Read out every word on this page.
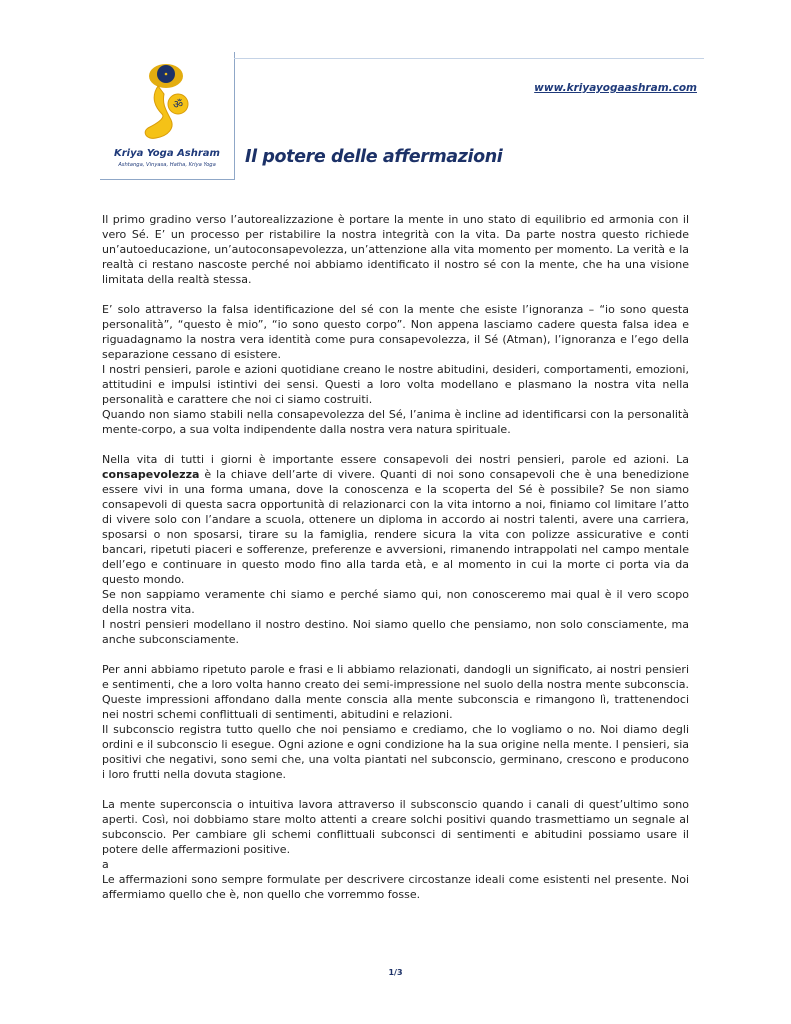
ॐ
Kriya Yoga Ashram
Ashtanga, Vinyasa, Hatha, Kriya Yoga
www.kriyayogaashram.com
Il potere delle affermazioni

Il primo gradino verso l’autorealizzazione è portare la mente in uno stato di equilibrio ed armonia con il vero Sé. E’ un processo per ristabilire la nostra integrità con la vita. Da parte nostra questo richiede un’autoeducazione, un’autoconsapevolezza, un’attenzione alla vita momento per momento. La verità e la realtà ci restano nascoste perché noi abbiamo identificato il nostro sé con la mente, che ha una visione limitata della realtà stessa.

E’ solo attraverso la falsa identificazione del sé con la mente che esiste l’ignoranza – “io sono questa personalità”, “questo è mio”, “io sono questo corpo”. Non appena lasciamo cadere questa falsa idea e riguadagnamo la nostra vera identità come pura consapevolezza, il Sé (Atman), l’ignoranza e l’ego della separazione cessano di esistere.

I nostri pensieri, parole e azioni quotidiane creano le nostre abitudini, desideri, comportamenti, emozioni, attitudini e impulsi istintivi dei sensi. Questi a loro volta modellano e plasmano la nostra vita nella personalità e carattere che noi ci siamo costruiti.

Quando non siamo stabili nella consapevolezza del Sé, l’anima è incline ad identificarsi con la personalità mente-corpo, a sua volta indipendente dalla nostra vera natura spirituale.

Nella vita di tutti i giorni è importante essere consapevoli dei nostri pensieri, parole ed azioni. La consapevolezza è la chiave dell’arte di vivere. Quanti di noi sono consapevoli che è una benedizione essere vivi in una forma umana, dove la conoscenza e la scoperta del Sé è possibile? Se non siamo consapevoli di questa sacra opportunità di relazionarci con la vita intorno a noi, finiamo col limitare l’atto di vivere solo con l’andare a scuola, ottenere un diploma in accordo ai nostri talenti, avere una carriera, sposarsi o non sposarsi, tirare su la famiglia, rendere sicura la vita con polizze assicurative e conti bancari, ripetuti piaceri e sofferenze, preferenze e avversioni, rimanendo intrappolati nel campo mentale dell’ego e continuare in questo modo fino alla tarda età, e al momento in cui la morte ci porta via da questo mondo.

Se non sappiamo veramente chi siamo e perché siamo qui, non conosceremo mai qual è il vero scopo della nostra vita.

I nostri pensieri modellano il nostro destino. Noi siamo quello che pensiamo, non solo consciamente, ma anche subconsciamente.

Per anni abbiamo ripetuto parole e frasi e li abbiamo relazionati, dandogli un significato, ai nostri pensieri e sentimenti, che a loro volta hanno creato dei semi-impressione nel suolo della nostra mente subconscia. Queste impressioni affondano dalla mente conscia alla mente subconscia e rimangono lì, trattenendoci nei nostri schemi conflittuali di sentimenti, abitudini e relazioni.

Il subconscio registra tutto quello che noi pensiamo e crediamo, che lo vogliamo o no. Noi diamo degli ordini e il subconscio li esegue. Ogni azione e ogni condizione ha la sua origine nella mente. I pensieri, sia positivi che negativi, sono semi che, una volta piantati nel subconscio, germinano, crescono e producono i loro frutti nella dovuta stagione.

La mente superconscia o intuitiva lavora attraverso il subsconscio quando i canali di quest’ultimo sono aperti. Così, noi dobbiamo stare molto attenti a creare solchi positivi quando trasmettiamo un segnale al subconscio. Per cambiare gli schemi conflittuali subconsci di sentimenti e abitudini possiamo usare il potere delle affermazioni positive.

a

Le affermazioni sono sempre formulate per descrivere circostanze ideali come esistenti nel presente. Noi affermiamo quello che è, non quello che vorremmo fosse.

1/3
